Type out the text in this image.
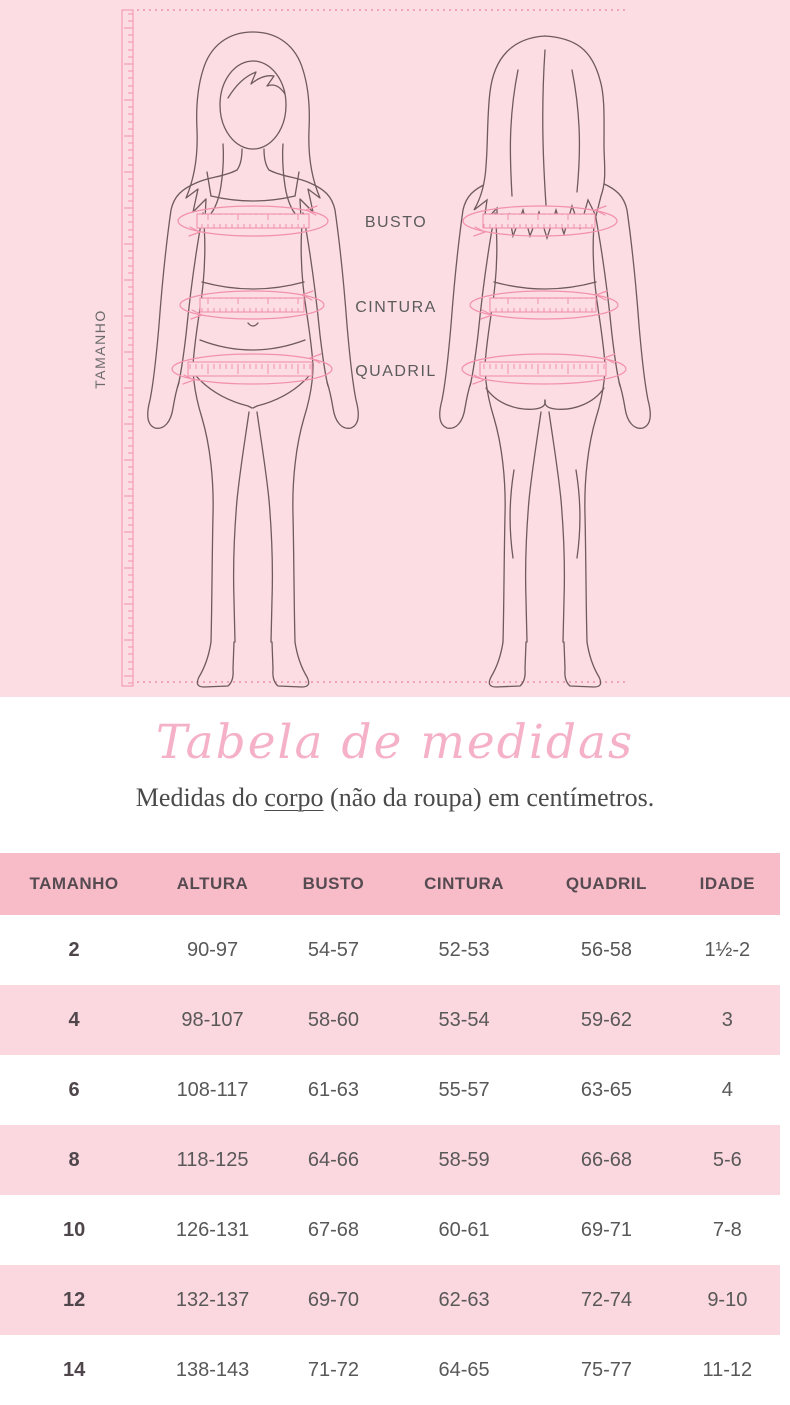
TAMANHO
BUSTO
CINTURA
QUADRIL
Tabela de medidas

Medidas do corpo (não da roupa) em centímetros.

TAMANHO	ALTURA	BUSTO	CINTURA	QUADRIL	IDADE
2	90-97	54-57	52-53	56-58	1½-2
4	98-107	58-60	53-54	59-62	3
6	108-117	61-63	55-57	63-65	4
8	118-125	64-66	58-59	66-68	5-6
10	126-131	67-68	60-61	69-71	7-8
12	132-137	69-70	62-63	72-74	9-10
14	138-143	71-72	64-65	75-77	11-12
